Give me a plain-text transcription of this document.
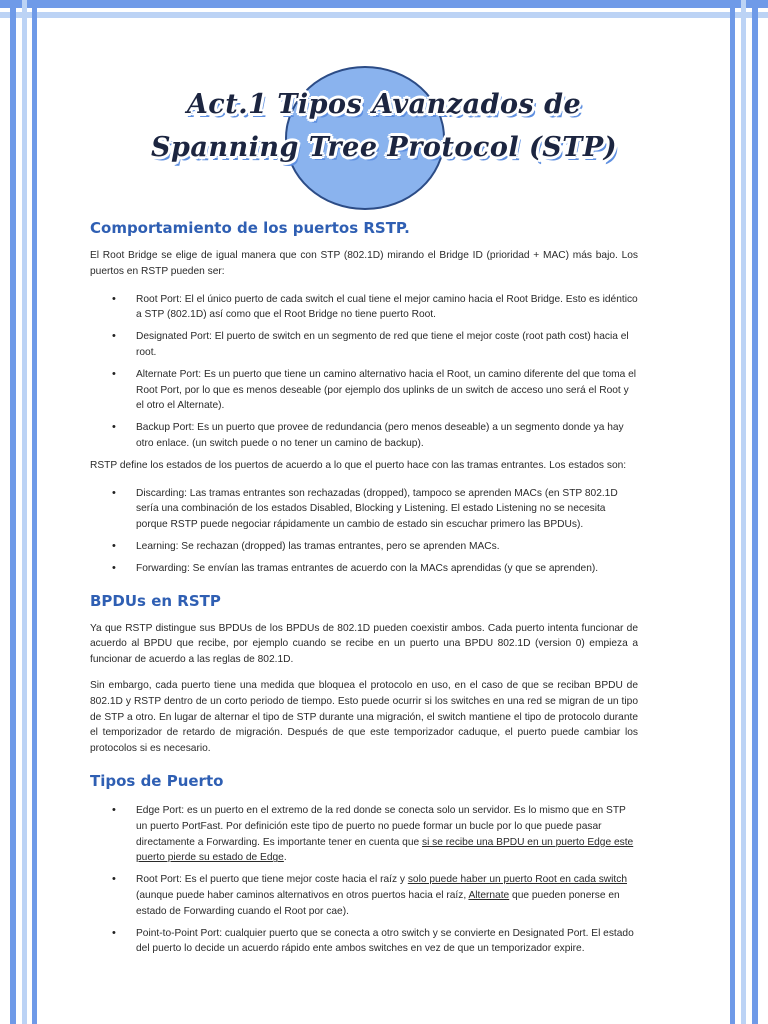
Act.1 Tipos Avanzados de
Spanning Tree Protocol (STP)
Comportamiento de los puertos RSTP.

El Root Bridge se elige de igual manera que con STP (802.1D) mirando el Bridge ID (prioridad + MAC) más bajo. Los puertos en RSTP pueden ser:

• Root Port: El el único puerto de cada switch el cual tiene el mejor camino hacia el Root Bridge. Esto es idéntico a STP (802.1D) así como que el Root Bridge no tiene puerto Root.
• Designated Port: El puerto de switch en un segmento de red que tiene el mejor coste (root path cost) hacia el root.
• Alternate Port: Es un puerto que tiene un camino alternativo hacia el Root, un camino diferente del que toma el Root Port, por lo que es menos deseable (por ejemplo dos uplinks de un switch de acceso uno será el Root y el otro el Alternate).
• Backup Port: Es un puerto que provee de redundancia (pero menos deseable) a un segmento donde ya hay otro enlace. (un switch puede o no tener un camino de backup).

RSTP define los estados de los puertos de acuerdo a lo que el puerto hace con las tramas entrantes. Los estados son:

• Discarding: Las tramas entrantes son rechazadas (dropped), tampoco se aprenden MACs (en STP 802.1D sería una combinación de los estados Disabled, Blocking y Listening. El estado Listening no se necesita porque RSTP puede negociar rápidamente un cambio de estado sin escuchar primero las BPDUs).
• Learning: Se rechazan (dropped) las tramas entrantes, pero se aprenden MACs.
• Forwarding: Se envían las tramas entrantes de acuerdo con la MACs aprendidas (y que se aprenden).
BPDUs en RSTP

Ya que RSTP distingue sus BPDUs de los BPDUs de 802.1D pueden coexistir ambos. Cada puerto intenta funcionar de acuerdo al BPDU que recibe, por ejemplo cuando se recibe en un puerto una BPDU 802.1D (version 0) empieza a funcionar de acuerdo a las reglas de 802.1D.

Sin embargo, cada puerto tiene una medida que bloquea el protocolo en uso, en el caso de que se reciban BPDU de 802.1D y RSTP dentro de un corto periodo de tiempo. Esto puede ocurrir si los switches en una red se migran de un tipo de STP a otro. En lugar de alternar el tipo de STP durante una migración, el switch mantiene el tipo de protocolo durante el temporizador de retardo de migración. Después de que este temporizador caduque, el puerto puede cambiar los protocolos si es necesario.

Tipos de Puerto
• Edge Port: es un puerto en el extremo de la red donde se conecta solo un servidor. Es lo mismo que en STP un puerto PortFast. Por definición este tipo de puerto no puede formar un bucle por lo que puede pasar directamente a Forwarding. Es importante tener en cuenta que si se recibe una BPDU en un puerto Edge este puerto pierde su estado de Edge.
• Root Port: Es el puerto que tiene mejor coste hacia el raíz y solo puede haber un puerto Root en cada switch (aunque puede haber caminos alternativos en otros puertos hacia el raíz, Alternate que pueden ponerse en estado de Forwarding cuando el Root por cae).
• Point-to-Point Port: cualquier puerto que se conecta a otro switch y se convierte en Designated Port. El estado del puerto lo decide un acuerdo rápido ente ambos switches en vez de que un temporizador expire.
